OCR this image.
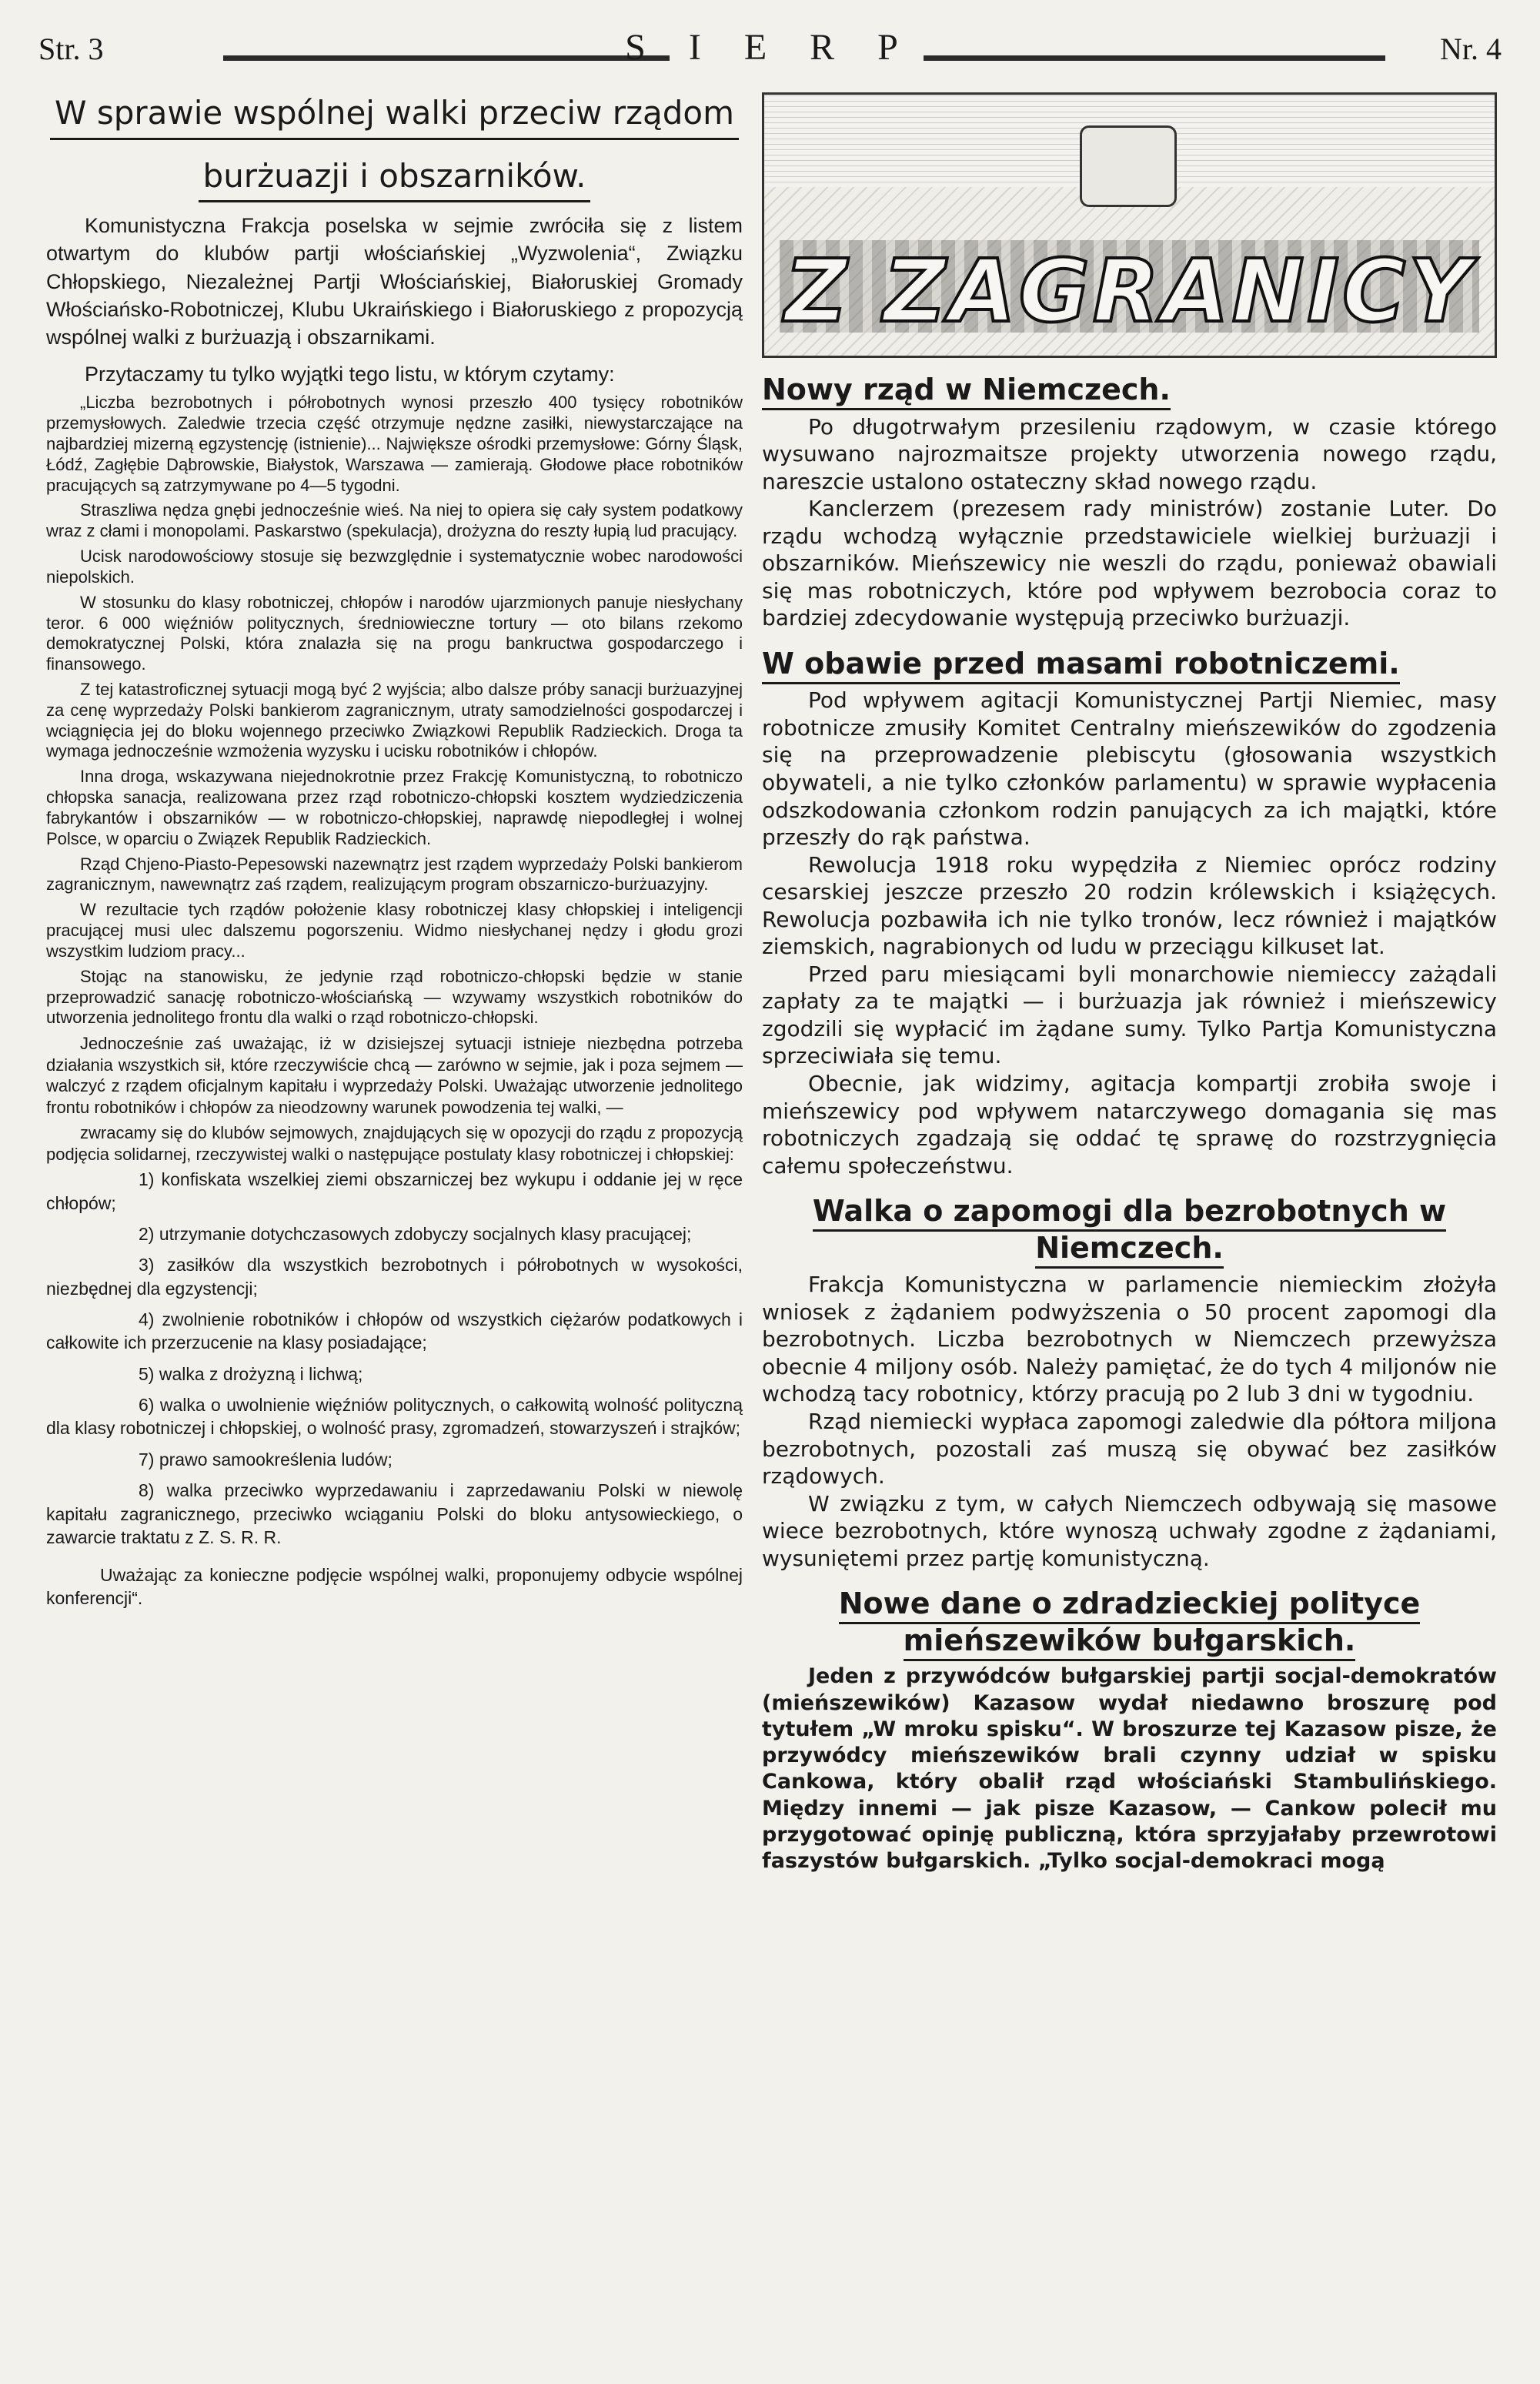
Str. 3	S I E R P	Nr. 4
W sprawie wspólnej walki przeciw rządom
burżuazji i obszarników.

Komunistyczna Frakcja poselska w sejmie zwróciła się z listem otwartym do klubów partji włościańskiej „Wyzwolenia“, Związku Chłopskiego, Niezależnej Partji Włościańskiej, Białoruskiej Gromady Włościańsko-Robotniczej, Klubu Ukraińskiego i Białoruskiego z propozycją wspólnej walki z burżuazją i obszarnikami.

Przytaczamy tu tylko wyjątki tego listu, w którym czytamy:

„Liczba bezrobotnych i półrobotnych wynosi przeszło 400 tysięcy robotników przemysłowych. Zaledwie trzecia część otrzymuje nędzne zasiłki, niewystarczające na najbardziej mizerną egzystencję (istnienie)... Największe ośrodki przemysłowe: Górny Śląsk, Łódź, Zagłębie Dąbrowskie, Białystok, Warszawa — zamierają. Głodowe płace robotników pracujących są zatrzymywane po 4—5 tygodni.

Straszliwa nędza gnębi jednocześnie wieś. Na niej to opiera się cały system podatkowy wraz z cłami i monopolami. Paskarstwo (spekulacja), drożyzna do reszty łupią lud pracujący.

Ucisk narodowościowy stosuje się bezwzględnie i systematycznie wobec narodowości niepolskich.

W stosunku do klasy robotniczej, chłopów i narodów ujarzmionych panuje niesłychany teror. 6 000 więźniów politycznych, średniowieczne tortury — oto bilans rzekomo demokratycznej Polski, która znalazła się na progu bankructwa gospodarczego i finansowego.

Z tej katastroficznej sytuacji mogą być 2 wyjścia; albo dalsze próby sanacji burżuazyjnej za cenę wyprzedaży Polski bankierom zagranicznym, utraty samodzielności gospodarczej i wciągnięcia jej do bloku wojennego przeciwko Związkowi Republik Radzieckich. Droga ta wymaga jednocześnie wzmożenia wyzysku i ucisku robotników i chłopów.

Inna droga, wskazywana niejednokrotnie przez Frakcję Komunistyczną, to robotniczo chłopska sanacja, realizowana przez rząd robotniczo-chłopski kosztem wydziedziczenia fabrykantów i obszarników — w robotniczo-chłopskiej, naprawdę niepodległej i wolnej Polsce, w oparciu o Związek Republik Radzieckich.

Rząd Chjeno-Piasto-Pepesowski nazewnątrz jest rządem wyprzedaży Polski bankierom zagranicznym, nawewnątrz zaś rządem, realizującym program obszarniczo-burżuazyjny.

W rezultacie tych rządów położenie klasy robotniczej klasy chłopskiej i inteligencji pracującej musi ulec dalszemu pogorszeniu. Widmo niesłychanej nędzy i głodu grozi wszystkim ludziom pracy...

Stojąc na stanowisku, że jedynie rząd robotniczo-chłopski będzie w stanie przeprowadzić sanację robotniczo-włościańską — wzywamy wszystkich robotników do utworzenia jednolitego frontu dla walki o rząd robotniczo-chłopski.

Jednocześnie zaś uważając, iż w dzisiejszej sytuacji istnieje niezbędna potrzeba działania wszystkich sił, które rzeczywiście chcą — zarówno w sejmie, jak i poza sejmem — walczyć z rządem oficjalnym kapitału i wyprzedaży Polski. Uważając utworzenie jednolitego frontu robotników i chłopów za nieodzowny warunek powodzenia tej walki, —

zwracamy się do klubów sejmowych, znajdujących się w opozycji do rządu z propozycją podjęcia solidarnej, rzeczywistej walki o następujące postulaty klasy robotniczej i chłopskiej:

1) konfiskata wszelkiej ziemi obszarniczej bez wykupu i oddanie jej w ręce chłopów;
2) utrzymanie dotychczasowych zdobyczy socjalnych klasy pracującej;
3) zasiłków dla wszystkich bezrobotnych i półrobotnych w wysokości, niezbędnej dla egzystencji;
4) zwolnienie robotników i chłopów od wszystkich ciężarów podatkowych i całkowite ich przerzucenie na klasy posiadające;
5) walka z drożyzną i lichwą;
6) walka o uwolnienie więźniów politycznych, o całkowitą wolność polityczną dla klasy robotniczej i chłopskiej, o wolność prasy, zgromadzeń, stowarzyszeń i strajków;
7) prawo samookreślenia ludów;
8) walka przeciwko wyprzedawaniu i zaprzedawaniu Polski w niewolę kapitału zagranicznego, przeciwko wciąganiu Polski do bloku antysowieckiego, o zawarcie traktatu z Z. S. R. R.

Uważając za konieczne podjęcie wspólnej walki, proponujemy odbycie wspólnej konferencji“.

Z ZAGRANICY
Nowy rząd w Niemczech.

Po długotrwałym przesileniu rządowym, w czasie którego wysuwano najrozmaitsze projekty utworzenia nowego rządu, nareszcie ustalono ostateczny skład nowego rządu.

Kanclerzem (prezesem rady ministrów) zostanie Luter. Do rządu wchodzą wyłącznie przedstawiciele wielkiej burżuazji i obszarników. Mieńszewicy nie weszli do rządu, ponieważ obawiali się mas robotniczych, które pod wpływem bezrobocia coraz to bardziej zdecydowanie występują przeciwko burżuazji.

W obawie przed masami robotniczemi.

Pod wpływem agitacji Komunistycznej Partji Niemiec, masy robotnicze zmusiły Komitet Centralny mieńszewików do zgodzenia się na przeprowadzenie plebiscytu (głosowania wszystkich obywateli, a nie tylko członków parlamentu) w sprawie wypłacenia odszkodowania członkom rodzin panujących za ich majątki, które przeszły do rąk państwa.

Rewolucja 1918 roku wypędziła z Niemiec oprócz rodziny cesarskiej jeszcze przeszło 20 rodzin królewskich i książęcych. Rewolucja pozbawiła ich nie tylko tronów, lecz również i majątków ziemskich, nagrabionych od ludu w przeciągu kilkuset lat.

Przed paru miesiącami byli monarchowie niemieccy zażądali zapłaty za te majątki — i burżuazja jak również i mieńszewicy zgodzili się wypłacić im żądane sumy. Tylko Partja Komunistyczna sprzeciwiała się temu.

Obecnie, jak widzimy, agitacja kompartji zrobiła swoje i mieńszewicy pod wpływem natarczywego domagania się mas robotniczych zgadzają się oddać tę sprawę do rozstrzygnięcia całemu społeczeństwu.

Walka o zapomogi dla bezrobotnych w Niemczech.

Frakcja Komunistyczna w parlamencie niemieckim złożyła wniosek z żądaniem podwyższenia o 50 procent zapomogi dla bezrobotnych. Liczba bezrobotnych w Niemczech przewyższa obecnie 4 miljony osób. Należy pamiętać, że do tych 4 miljonów nie wchodzą tacy robotnicy, którzy pracują po 2 lub 3 dni w tygodniu.

Rząd niemiecki wypłaca zapomogi zaledwie dla półtora miljona bezrobotnych, pozostali zaś muszą się obywać bez zasiłków rządowych.

W związku z tym, w całych Niemczech odbywają się masowe wiece bezrobotnych, które wynoszą uchwały zgodne z żądaniami, wysuniętemi przez partję komunistyczną.

Nowe dane o zdradzieckiej polityce mieńszewików bułgarskich.

Jeden z przywódców bułgarskiej partji socjal-demokratów (mieńszewików) Kazasow wydał niedawno broszurę pod tytułem „W mroku spisku“. W broszurze tej Kazasow pisze, że przywódcy mieńszewików brali czynny udział w spisku Cankowa, który obalił rząd włościański Stambulińskiego. Między innemi — jak pisze Kazasow, — Cankow polecił mu przygotować opinję publiczną, która sprzyjałaby przewrotowi faszystów bułgarskich. „Tylko socjal-demokraci mogą
